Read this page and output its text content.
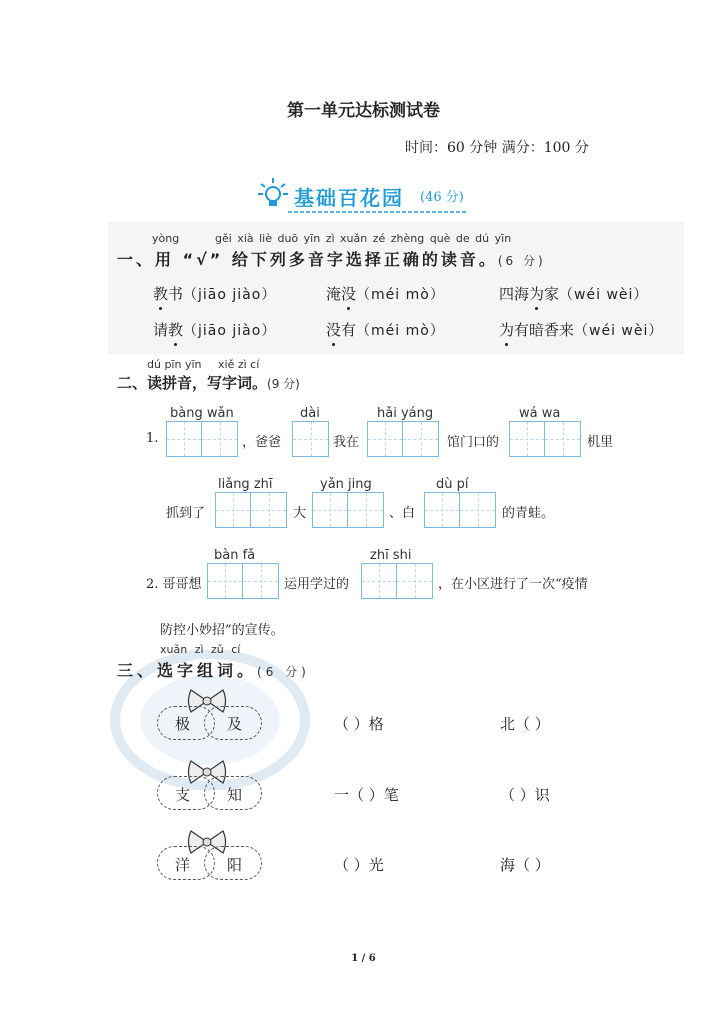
第一单元达标测试卷
时间：60 分钟 满分：100 分
基础百花园 (46 分)
yòng	gěi xià liè duō yīn zì xuǎn zé zhèng què de dú yīn
一、用 “√” 给下列多音字选择正确的读音。(6 分)
教书（jiāo jiào）	淹没（méi mò）	四海为家（wéi wèi）
请教（jiāo jiào）	没有（méi mò）	为有暗香来（wéi wèi）
dú pīn yīn xiě zì cí
二、读拼音，写字词。(9 分)
1.
bàng wǎn
，爸爸
dài
我在
hǎi yáng
馆门口的
wá wa
机里
抓到了
liǎng zhī
大
yǎn jing
、白
dù pí
的青蛙。
2. 哥哥想
bàn fǎ
运用学过的
zhī shi
，在小区进行了一次“疫情
防控小妙招”的宣传。
xuǎn zì zǔ cí
三、选字组词。(6 分)
极 及	（ ）格	北（ ）
支 知	一（ ）笔	（ ）识
洋 阳	（ ）光	海（ ）
1 / 6
